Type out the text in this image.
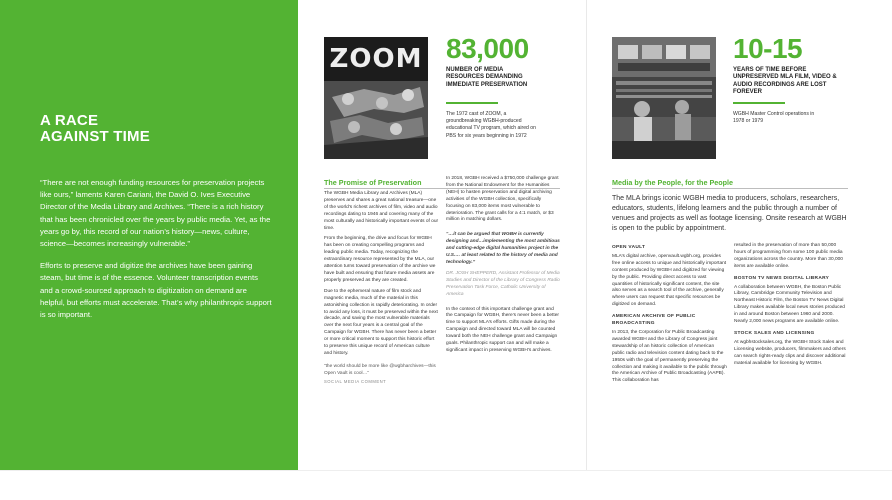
A RACE
AGAINST TIME

“There are not enough funding resources for preservation projects like ours,” laments Karen Cariani, the David O. Ives Executive Director of the Media Library and Archives. “There is a rich history that has been chronicled over the years by public media. Yet, as the years go by, this record of our nation’s history—news, culture, science—becomes increasingly vulnerable.”

Efforts to preserve and digitize the archives have been gaining steam, but time is of the essence. Volunteer transcription events and a crowd-sourced approach to digitization on demand are helpful, but efforts must accelerate. That’s why philanthropic support is so important.

ZOOM 83,000
NUMBER OF MEDIA RESOURCES DEMANDING IMMEDIATE PRESERVATION
The 1972 cast of ZOOM, a groundbreaking WGBH-produced educational TV program, which aired on PBS for six years beginning in 1972
The Promise of Preservation

The WGBH Media Library and Archives (MLA) preserves and shares a great national treasure—one of the world’s richest archives of film, video and audio recordings dating to 1946 and covering many of the most culturally and historically important events of our time.

From the beginning, the drive and focus for WGBH has been on creating compelling programs and leading public media. Today, recognizing the extraordinary resource represented by the MLA, our attention turns toward preservation of the archive we have built and ensuring that future media assets are properly preserved as they are created.

Due to the ephemeral nature of film stock and magnetic media, much of the material in this astonishing collection is rapidly deteriorating. In order to avoid any loss, it must be preserved within the next decade, and saving the most vulnerable materials over the next four years is a central goal of the Campaign for WGBH. There has never been a better or more critical moment to support this historic effort to preserve this unique record of American culture and history.

“the world should be more like @wgbharchives—this Open Vault is cool…”

SOCIAL MEDIA COMMENT

In 2018, WGBH received a $750,000 challenge grant from the National Endowment for the Humanities (NEH) to hasten preservation and digital archiving activities of the WGBH collection, specifically focusing on 83,000 items most vulnerable to deterioration. The grant calls for a 4:1 match, or $3 million in matching dollars.

“…it can be argued that WGBH is currently designing and…implementing the most ambitious and cutting-edge digital humanities project in the U.S.… at least related to the history of media and technology.”

DR. JOSH SHEPPERD, Assistant Professor of Media Studies and Director of the Library of Congress Radio Preservation Task Force, Catholic University of America

In the context of this important challenge grant and the Campaign for WGBH, there’s never been a better time to support MLA’s efforts. Gifts made during the Campaign and directed toward MLA will be counted toward both the NEH challenge grant and Campaign goals. Philanthropic support can and will make a significant impact in preserving WGBH’s archives.

10-15
YEARS OF TIME BEFORE UNPRESERVED MLA FILM, VIDEO & AUDIO RECORDINGS ARE LOST FOREVER
WGBH Master Control operations in 1978 or 1979
Media by the People, for the People
The MLA brings iconic WGBH media to producers, scholars, researchers, educators, students, lifelong learners and the public through a number of venues and projects as well as footage licensing. Onsite research at WGBH is open to the public by appointment.
OPEN VAULT

MLA’s digital archive, openvault.wgbh.org, provides free online access to unique and historically important content produced by WGBH and digitized for viewing by the public. Providing direct access to vast quantities of historically significant content, the site also serves as a search tool of the archive, generally where users can request that specific resources be digitized on demand.

AMERICAN ARCHIVE OF PUBLIC BROADCASTING

In 2013, the Corporation for Public Broadcasting awarded WGBH and the Library of Congress joint stewardship of an historic collection of American public radio and television content dating back to the 1950s with the goal of permanently preserving the collection and making it available to the public through the American Archive of Public Broadcasting (AAPB). This collaboration has

resulted in the preservation of more than 50,000 hours of programming from some 100 public media organizations across the country. More than 30,000 items are available online.

BOSTON TV NEWS DIGITAL LIBRARY

A collaboration between WGBH, the Boston Public Library, Cambridge Community Television and Northeast Historic Film, the Boston TV News Digital Library makes available local news stories produced in and around Boston between 1960 and 2000. Nearly 2,000 news programs are available online.

STOCK SALES AND LICENSING

At wgbhstocksales.org, the WGBH Stock Sales and Licensing website, producers, filmmakers and others can search rights-ready clips and discover additional material available for licensing by WGBH.
